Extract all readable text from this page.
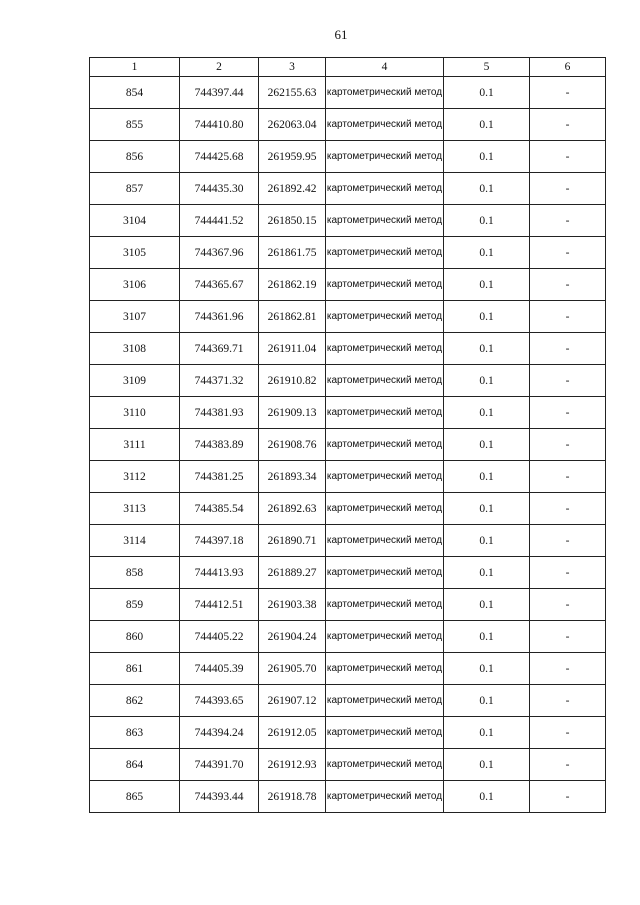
61
1	2	3	4	5	6
854	744397.44	262155.63	картометрический метод	0.1	-
855	744410.80	262063.04	картометрический метод	0.1	-
856	744425.68	261959.95	картометрический метод	0.1	-
857	744435.30	261892.42	картометрический метод	0.1	-
3104	744441.52	261850.15	картометрический метод	0.1	-
3105	744367.96	261861.75	картометрический метод	0.1	-
3106	744365.67	261862.19	картометрический метод	0.1	-
3107	744361.96	261862.81	картометрический метод	0.1	-
3108	744369.71	261911.04	картометрический метод	0.1	-
3109	744371.32	261910.82	картометрический метод	0.1	-
3110	744381.93	261909.13	картометрический метод	0.1	-
3111	744383.89	261908.76	картометрический метод	0.1	-
3112	744381.25	261893.34	картометрический метод	0.1	-
3113	744385.54	261892.63	картометрический метод	0.1	-
3114	744397.18	261890.71	картометрический метод	0.1	-
858	744413.93	261889.27	картометрический метод	0.1	-
859	744412.51	261903.38	картометрический метод	0.1	-
860	744405.22	261904.24	картометрический метод	0.1	-
861	744405.39	261905.70	картометрический метод	0.1	-
862	744393.65	261907.12	картометрический метод	0.1	-
863	744394.24	261912.05	картометрический метод	0.1	-
864	744391.70	261912.93	картометрический метод	0.1	-
865	744393.44	261918.78	картометрический метод	0.1	-
